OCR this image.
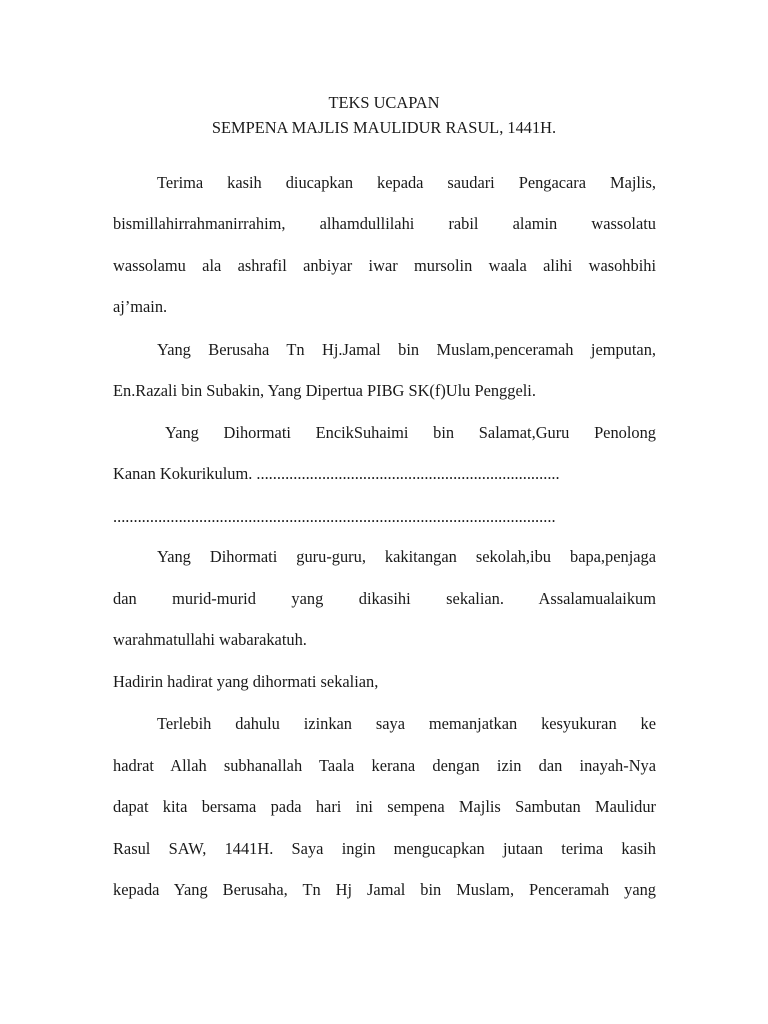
TEKS UCAPAN
SEMPENA MAJLIS MAULIDUR RASUL, 1441H.
Terima kasih diucapkan kepada saudari Pengacara Majlis,
bismillahirrahmanirrahim, alhamdullilahi rabil alamin wassolatu
wassolamu ala ashrafil anbiyar iwar mursolin waala alihi wasohbihi
aj’main.
Yang Berusaha Tn Hj.Jamal bin Muslam,penceramah jemputan,
En.Razali bin Subakin, Yang Dipertua PIBG SK(f)Ulu Penggeli.
Yang Dihormati EncikSuhaimi bin Salamat,Guru Penolong
Kanan Kokurikulum. ..........................................................................
............................................................................................................
Yang Dihormati guru-guru, kakitangan sekolah,ibu bapa,penjaga
dan murid-murid yang dikasihi sekalian. Assalamualaikum
warahmatullahi wabarakatuh.
Hadirin hadirat yang dihormati sekalian,
Terlebih dahulu izinkan saya memanjatkan kesyukuran ke
hadrat Allah subhanallah Taala kerana dengan izin dan inayah-Nya
dapat kita bersama pada hari ini sempena Majlis Sambutan Maulidur
Rasul SAW, 1441H. Saya ingin mengucapkan jutaan terima kasih
kepada Yang Berusaha, Tn Hj Jamal bin Muslam, Penceramah yang
